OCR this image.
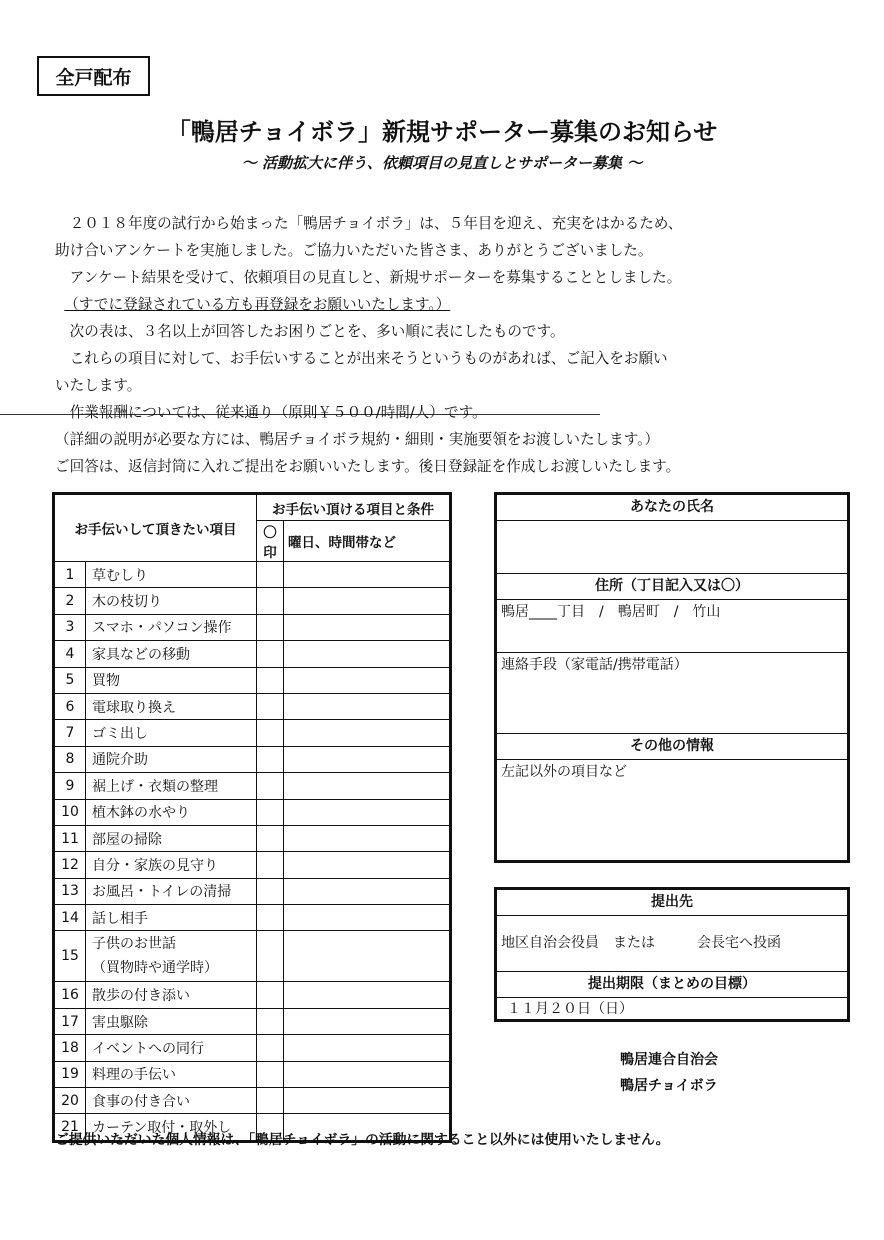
全戸配布
「鴨居チョイボラ」新規サポーター募集のお知らせ
～ 活動拡大に伴う、依頼項目の見直しとサポーター募集 ～
 ２０１８年度の試行から始まった「鴨居チョイボラ」は、５年目を迎え、充実をはかるため、
助け合いアンケートを実施しました。ご協力いただいた皆さま、ありがとうございました。
 アンケート結果を受けて、依頼項目の見直しと、新規サポーターを募集することとしました。
（すでに登録されている方も再登録をお願いいたします。）
 次の表は、３名以上が回答したお困りごとを、多い順に表にしたものです。
 これらの項目に対して、お手伝いすることが出来そうというものがあれば、ご記入をお願い
いたします。
 作業報酬については、従来通り（原則￥５００/時間/人）です。
（詳細の説明が必要な方には、鴨居チョイボラ規約・細則・実施要領をお渡しいたします。）
ご回答は、返信封筒に入れご提出をお願いいたします。後日登録証を作成しお渡しいたします。
お手伝いして頂きたい項目		お手伝い頂ける項目と条件	
		〇印	曜日、時間帯など
1	草むしり		
2	木の枝切り		
3	スマホ・パソコン操作		
4	家具などの移動		
5	買物		
6	電球取り換え		
7	ゴミ出し		
8	通院介助		
9	裾上げ・衣類の整理		
10	植木鉢の水やり		
11	部屋の掃除		
12	自分・家族の見守り		
13	お風呂・トイレの清掃		
14	話し相手		
15	子供のお世話
（買物時や通学時）		

16	散歩の付き添い		
17	害虫駆除		
18	イベントへの同行		
19	料理の手伝い		
20	食事の付き合い		
21	カーテン取付・取外し		
あなたの氏名
住所（丁目記入又は〇）
鴨居____丁目　/　鴨居町　/　竹山
連絡手段（家電話/携帯電話）
その他の情報
左記以外の項目など
提出先
地区自治会役員　または　　　会長宅へ投函
提出期限（まとめの目標）
１１月２０日（日）
鴨居連合自治会
鴨居チョイボラ
ご提供いただいた個人情報は、「鴨居チョイボラ」の活動に関すること以外には使用いたしません。
